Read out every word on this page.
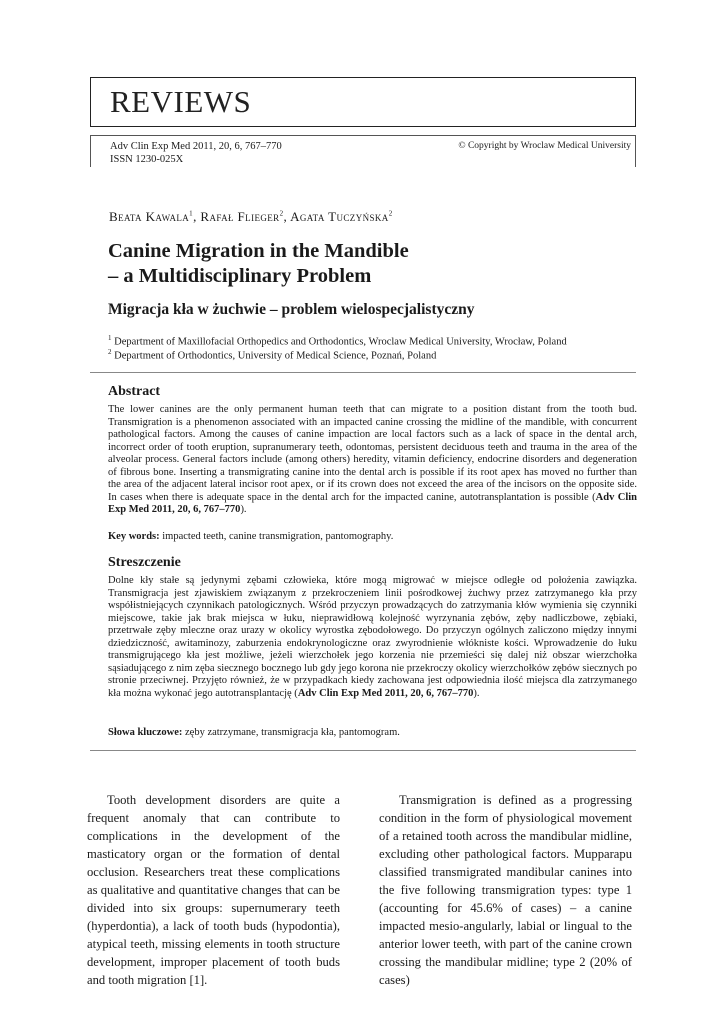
REVIEWS
Adv Clin Exp Med 2011, 20, 6, 767–770
ISSN 1230-025X
© Copyright by Wroclaw Medical University
Beata Kawala$^1$, Rafał Flieger$^2$, Agata Tuczyńska$^2$
Canine Migration in the Mandible
– a Multidisciplinary Problem
Migracja kła w żuchwie – problem wielospecjalistyczny
$^1$ Department of Maxillofacial Orthopedics and Orthodontics, Wroclaw Medical University, Wrocław, Poland
$^2$ Department of Orthodontics, University of Medical Science, Poznań, Poland
Abstract
The lower canines are the only permanent human teeth that can migrate to a position distant from the tooth bud. Transmigration is a phenomenon associated with an impacted canine crossing the midline of the mandible, with concurrent pathological factors. Among the causes of canine impaction are local factors such as a lack of space in the dental arch, incorrect order of tooth eruption, supranumerary teeth, odontomas, persistent deciduous teeth and trauma in the area of the alveolar process. General factors include (among others) heredity, vitamin deficiency, endocrine disorders and degeneration of fibrous bone. Inserting a transmigrating canine into the dental arch is possible if its root apex has moved no further than the area of the adjacent lateral incisor root apex, or if its crown does not exceed the area of the incisors on the opposite side. In cases when there is adequate space in the dental arch for the impacted canine, autotransplantation is possible (Adv Clin Exp Med 2011, 20, 6, 767–770).
Key words: impacted teeth, canine transmigration, pantomography.
Streszczenie
Dolne kły stałe są jedynymi zębami człowieka, które mogą migrować w miejsce odległe od położenia zawiązka. Transmigracja jest zjawiskiem związanym z przekroczeniem linii pośrodkowej żuchwy przez zatrzymanego kła przy współistniejących czynnikach patologicznych. Wśród przyczyn prowadzących do zatrzymania kłów wymienia się czynniki miejscowe, takie jak brak miejsca w łuku, nieprawidłową kolejność wyrzynania zębów, zęby nadliczbowe, zębiaki, przetrwałe zęby mleczne oraz urazy w okolicy wyrostka zębodołowego. Do przyczyn ogólnych zaliczono między innymi dziedziczność, awitaminozy, zaburzenia endokrynologiczne oraz zwyrodnienie włókniste kości. Wprowadzenie do łuku transmigrującego kła jest możliwe, jeżeli wierzchołek jego korzenia nie przemieści się dalej niż obszar wierzchołka sąsiadującego z nim zęba siecznego bocznego lub gdy jego korona nie przekroczy okolicy wierzchołków zębów siecznych po stronie przeciwnej. Przyjęto również, że w przypadkach kiedy zachowana jest odpowiednia ilość miejsca dla zatrzymanego kła można wykonać jego autotransplantację (Adv Clin Exp Med 2011, 20, 6, 767–770).
Słowa kluczowe: zęby zatrzymane, transmigracja kła, pantomogram.

Tooth development disorders are quite a frequent anomaly that can contribute to complications in the development of the masticatory organ or the formation of dental occlusion. Researchers treat these complications as qualitative and quantitative changes that can be divided into six groups: supernumerary teeth (hyperdontia), a lack of tooth buds (hypodontia), atypical teeth, missing elements in tooth structure development, improper placement of tooth buds and tooth migration [1].

Transmigration is defined as a progressing condition in the form of physiological movement of a retained tooth across the mandibular midline, excluding other pathological factors. Mupparapu classified transmigrated mandibular canines into the five following transmigration types: type 1 (accounting for 45.6% of cases) – a canine impacted mesio-angularly, labial or lingual to the anterior lower teeth, with part of the canine crown crossing the mandibular midline; type 2 (20% of cases)
